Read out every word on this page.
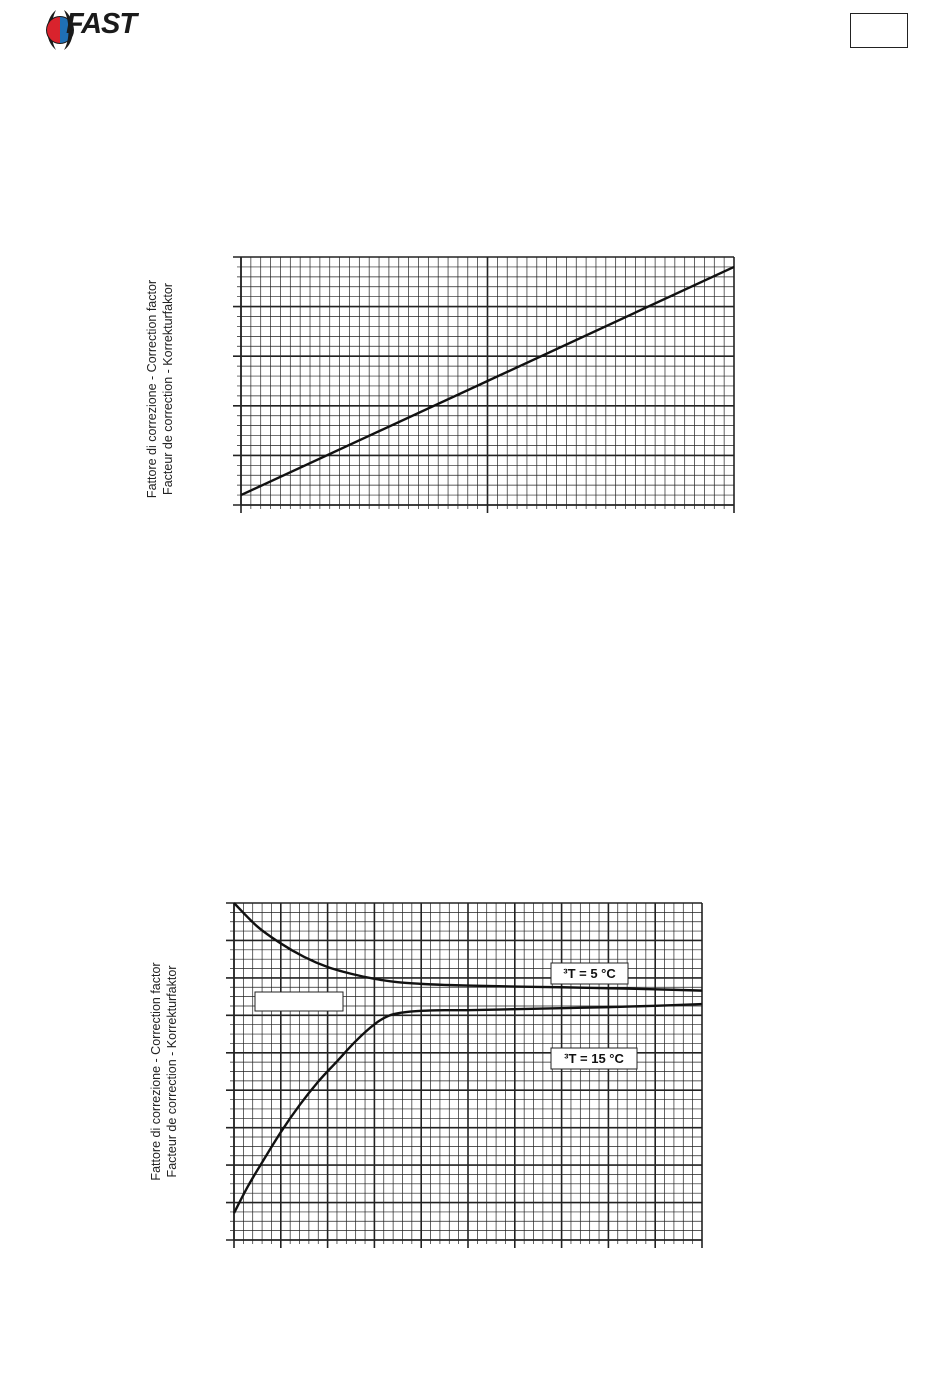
FAST
Fattore di correzione - Correction factor Facteur de correction - Korrekturfaktor
Fattore di correzione - Correction factor Facteur de correction - Korrekturfaktor	³T = 5 °C
³T = 15 °C
